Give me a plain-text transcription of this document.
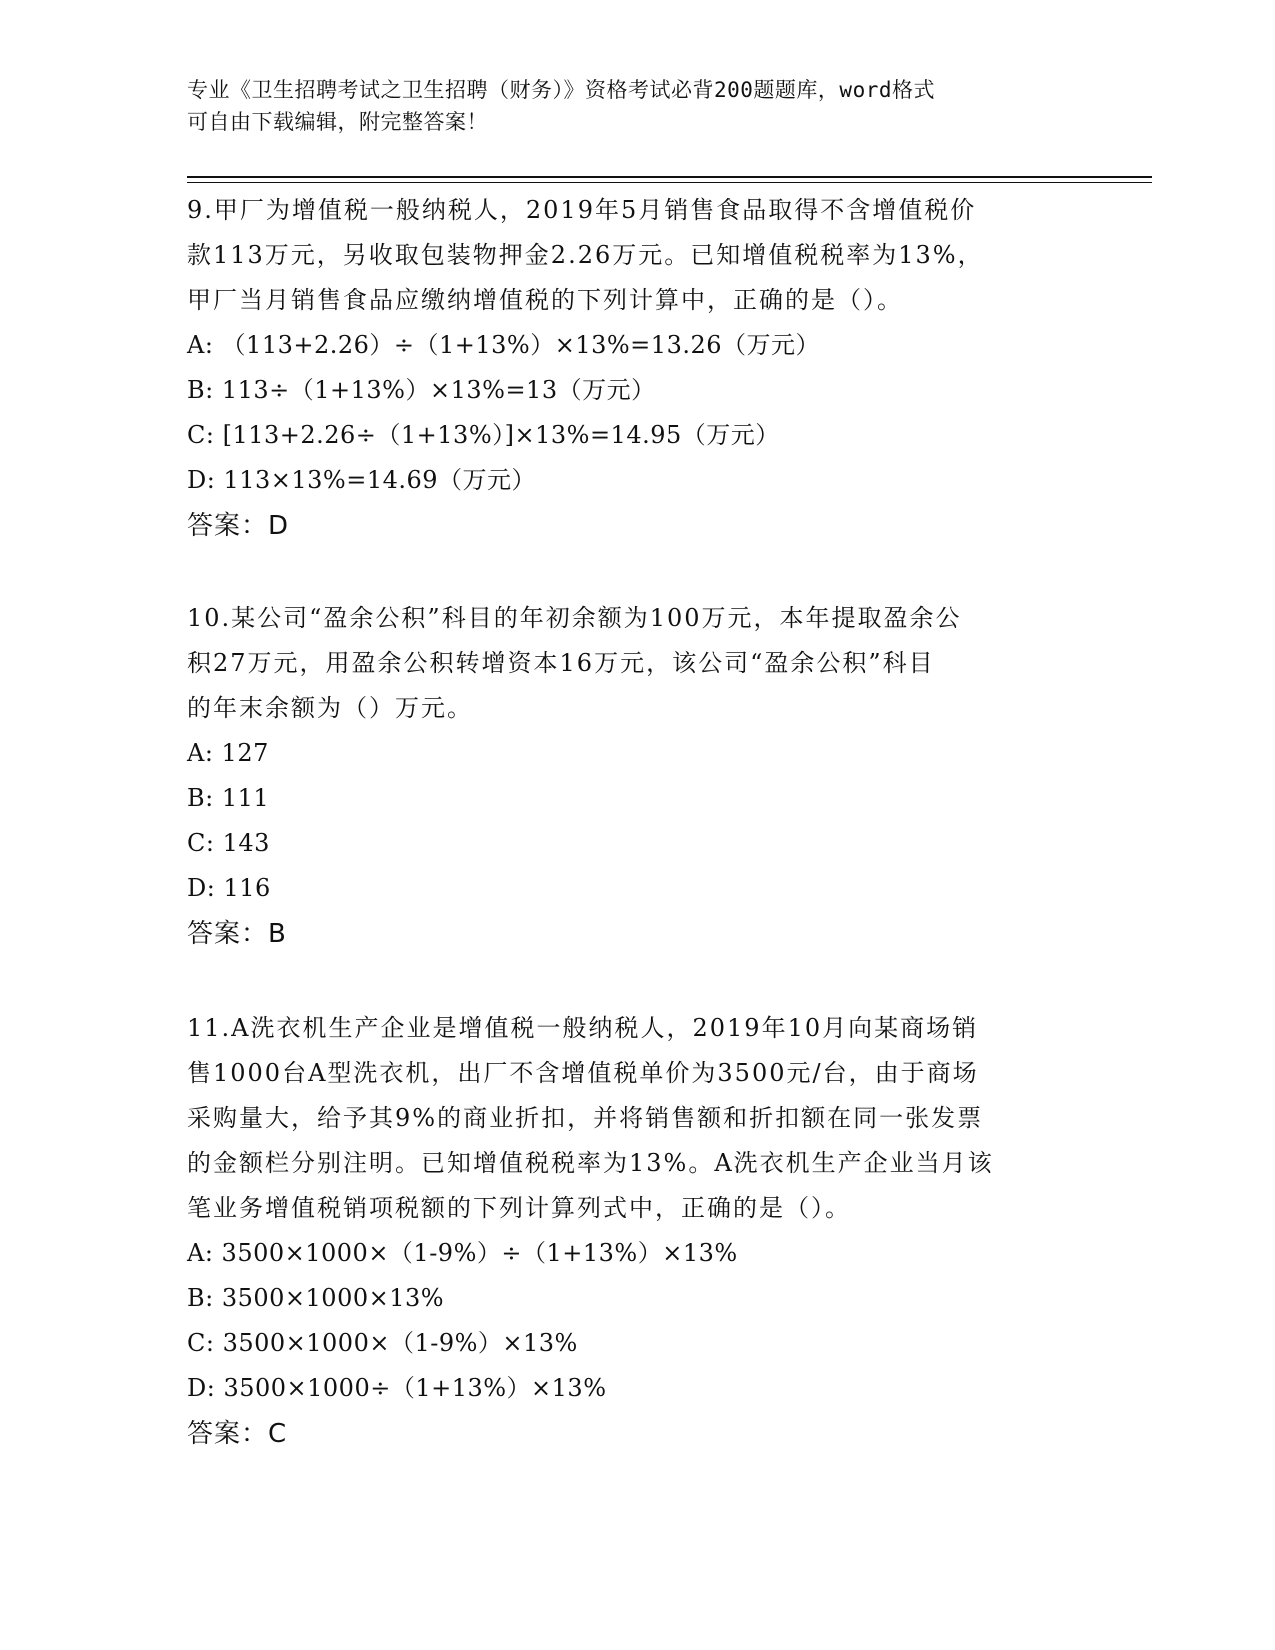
专业《卫生招聘考试之卫生招聘（财务）》资格考试必背200题题库，word格式
可自由下载编辑，附完整答案！
9.甲厂为增值税一般纳税人，2019年5月销售食品取得不含增值税价
款113万元，另收取包装物押金2.26万元。已知增值税税率为13%，
甲厂当月销售食品应缴纳增值税的下列计算中，正确的是（）。
A: （113+2.26）÷（1+13%）×13%=13.26（万元）
B: 113÷（1+13%）×13%=13（万元）
C: [113+2.26÷（1+13%）]×13%=14.95（万元）
D: 113×13%=14.69（万元）
答案：D
10.某公司“盈余公积”科目的年初余额为100万元，本年提取盈余公
积27万元，用盈余公积转增资本16万元，该公司“盈余公积”科目
的年末余额为（）万元。
A: 127
B: 111
C: 143
D: 116
答案：B
11.A洗衣机生产企业是增值税一般纳税人，2019年10月向某商场销
售1000台A型洗衣机，出厂不含增值税单价为3500元/台，由于商场
采购量大，给予其9%的商业折扣，并将销售额和折扣额在同一张发票
的金额栏分别注明。已知增值税税率为13%。A洗衣机生产企业当月该
笔业务增值税销项税额的下列计算列式中，正确的是（）。
A: 3500×1000×（1-9%）÷（1+13%）×13%
B: 3500×1000×13%
C: 3500×1000×（1-9%）×13%
D: 3500×1000÷（1+13%）×13%
答案：C
